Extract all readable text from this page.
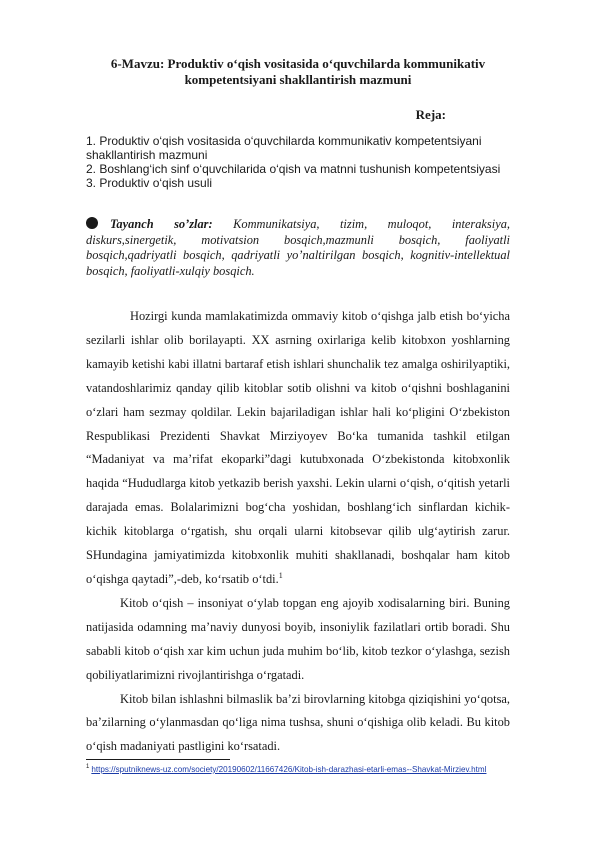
6-Mavzu: Produktiv o‘qish vositasida o‘quvchilarda kommunikativ kompetentsiyani shakllantirish mazmuni
Reja:
1. Produktiv o‘qish vositasida o‘quvchilarda kommunikativ kompetentsiyani shakllantirish mazmuni
2. Boshlang‘ich sinf o‘quvchilarida o‘qish va matnni tushunish kompetentsiyasi
3. Produktiv o‘qish usuli
Tayanch so’zlar: Kommunikatsiya, tizim, muloqot, interaksiya, diskurs,sinergetik, motivatsion bosqich,mazmunli bosqich, faoliyatli bosqich,qadriyatli bosqich, qadriyatli yo’naltirilgan bosqich, kognitiv-intellektual bosqich, faoliyatli-xulqiy bosqich.

Hozirgi kunda mamlakatimizda ommaviy kitob o‘qishga jalb etish bo‘yicha sezilarli ishlar olib borilayapti. XX asrning oxirlariga kelib kitobxon yoshlarning kamayib ketishi kabi illatni bartaraf etish ishlari shunchalik tez amalga oshirilyaptiki, vatandoshlarimiz qanday qilib kitoblar sotib olishni va kitob o‘qishni boshlaganini o‘zlari ham sezmay qoldilar. Lekin bajariladigan ishlar hali ko‘pligini O‘zbekiston Respublikasi Prezidenti Shavkat Mirziyoyev Bo‘ka tumanida tashkil etilgan “Madaniyat va ma’rifat ekoparki”dagi kutubxonada O‘zbekistonda kitobxonlik haqida “Hududlarga kitob yetkazib berish yaxshi. Lekin ularni o‘qish, o‘qitish yetarli darajada emas. Bolalarimizni bog‘cha yoshidan, boshlang‘ich sinflardan kichik-kichik kitoblarga o‘rgatish, shu orqali ularni kitobsevar qilib ulg‘aytirish zarur. SHundagina jamiyatimizda kitobxonlik muhiti shakllanadi, boshqalar ham kitob o‘qishga qaytadi”,-deb, ko‘rsatib o‘tdi.$^1$

Kitob o‘qish – insoniyat o‘ylab topgan eng ajoyib xodisalarning biri. Buning natijasida odamning ma’naviy dunyosi boyib, insoniylik fazilatlari ortib boradi. Shu sababli kitob o‘qish xar kim uchun juda muhim bo‘lib, kitob tezkor o‘ylashga, sezish qobiliyatlarimizni rivojlantirishga o‘rgatadi.

Kitob bilan ishlashni bilmaslik ba’zi birovlarning kitobga qiziqishini yo‘qotsa, ba’zilarning o‘ylanmasdan qo‘liga nima tushsa, shuni o‘qishiga olib keladi. Bu kitob o‘qish madaniyati pastligini ko‘rsatadi.

$^1$ https://sputniknews-uz.com/society/20190602/11667426/Kitob-ish-darazhasi-etarli-emas--Shavkat-Mirziev.html
